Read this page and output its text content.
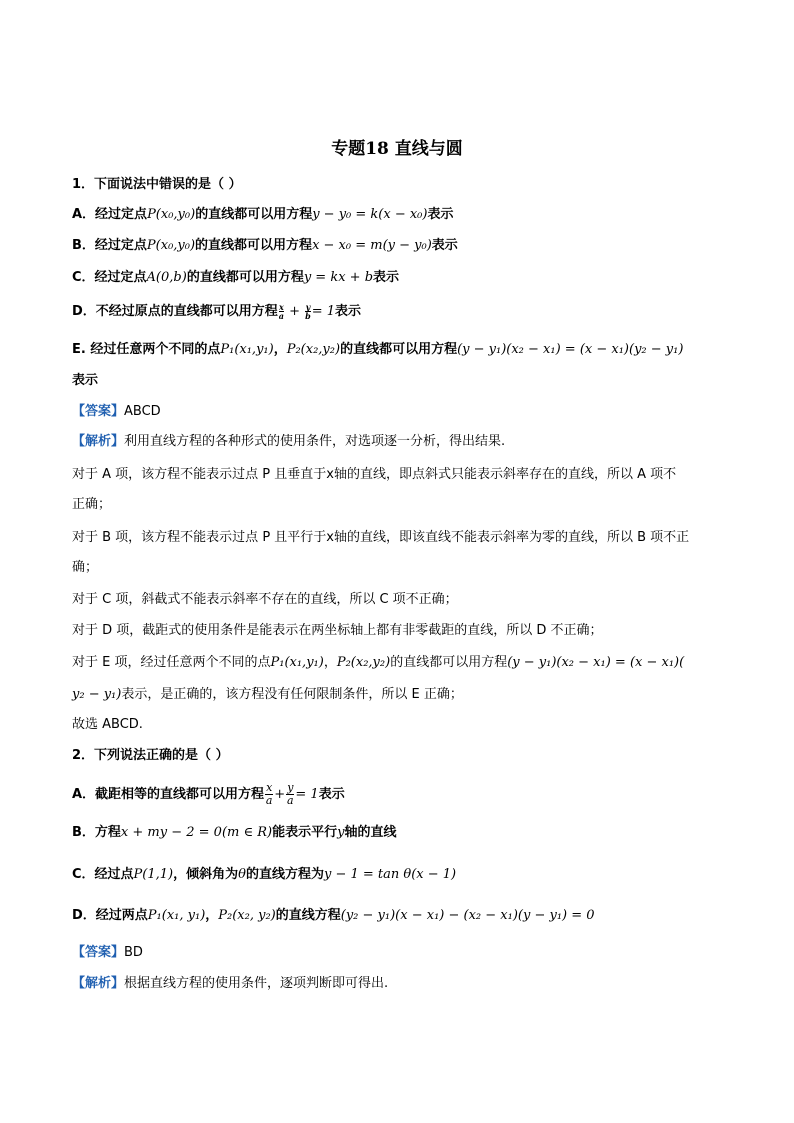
专题18 直线与圆
1．下面说法中错误的是（ ）
A．经过定点P(x₀,y₀)的直线都可以用方程y − y₀ = k(x − x₀)表示
B．经过定点P(x₀,y₀)的直线都可以用方程x − x₀ = m(y − y₀)表示
C．经过定点A(0,b)的直线都可以用方程y = kx + b表示
D．不经过原点的直线都可以用方程 $\frac{x}{a} + \frac{y}{b} = 1$表示
E. 经过任意两个不同的点P₁(x₁,y₁)，P₂(x₂,y₂)的直线都可以用方程(y − y₁)(x₂ − x₁) = (x − x₁)(y₂ − y₁)
表示
【答案】ABCD
【解析】利用直线方程的各种形式的使用条件，对选项逐一分析，得出结果.
对于 A 项，该方程不能表示过点 P 且垂直于x轴的直线，即点斜式只能表示斜率存在的直线，所以 A 项不
正确；
对于 B 项，该方程不能表示过点 P 且平行于x轴的直线，即该直线不能表示斜率为零的直线，所以 B 项不正
确；
对于 C 项，斜截式不能表示斜率不存在的直线，所以 C 项不正确；
对于 D 项，截距式的使用条件是能表示在两坐标轴上都有非零截距的直线，所以 D 不正确；
对于 E 项，经过任意两个不同的点P₁(x₁,y₁)，P₂(x₂,y₂)的直线都可以用方程(y − y₁)(x₂ − x₁) = (x − x₁)(
y₂ − y₁)表示，是正确的，该方程没有任何限制条件，所以 E 正确；
故选 ABCD.
2．下列说法正确的是（ ）
A．截距相等的直线都可以用方程 $\frac{x}{a} + \frac{y}{a} = 1$表示
B．方程x + my − 2 = 0(m ∈ R)能表示平行y轴的直线
C．经过点P(1,1)，倾斜角为θ的直线方程为y − 1 = tan θ(x − 1)
D．经过两点P₁(x₁, y₁)，P₂(x₂, y₂)的直线方程(y₂ − y₁)(x − x₁) − (x₂ − x₁)(y − y₁) = 0
【答案】BD
【解析】根据直线方程的使用条件，逐项判断即可得出.
